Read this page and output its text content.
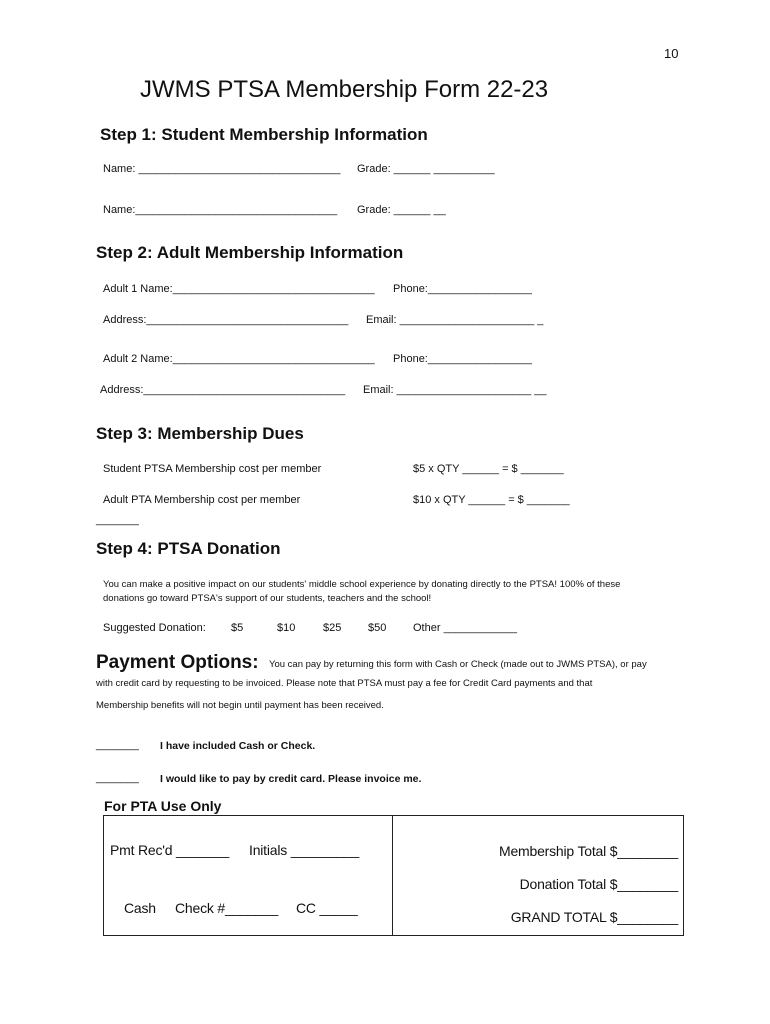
10
JWMS PTSA Membership Form 22-23
Step 1: Student Membership Information
Name: _________________________________ Grade: ______ __________
Name:_________________________________ Grade: ______ __
Step 2: Adult Membership Information
Adult 1 Name:_________________________________ Phone:_________________
Address:_________________________________ Email: ______________________ _
Adult 2 Name:_________________________________ Phone:_________________
Address:_________________________________ Email: ______________________ __
Step 3: Membership Dues
Student PTSA Membership cost per member	$5 x QTY ______ = $ _______
Adult PTA Membership cost per member	$10 x QTY ______ = $ _______
_______
Step 4: PTSA Donation
You can make a positive impact on our students' middle school experience by donating directly to the PTSA! 100% of these
donations go toward PTSA's support of our students, teachers and the school!
Suggested Donation: $5	$10	$25 $50 Other ____________
Payment Options: You can pay by returning this form with Cash or Check (made out to JWMS PTSA), or pay
with credit card by requesting to be invoiced. Please note that PTSA must pay a fee for Credit Card payments and that
Membership benefits will not begin until payment has been received.
_______ I have included Cash or Check.
_______ I would like to pay by credit card. Please invoice me.
For PTA Use Only
Pmt Rec'd _______ Initials _________
Cash Check #_______ CC _____
Membership Total $________
Donation Total $________
GRAND TOTAL $________
